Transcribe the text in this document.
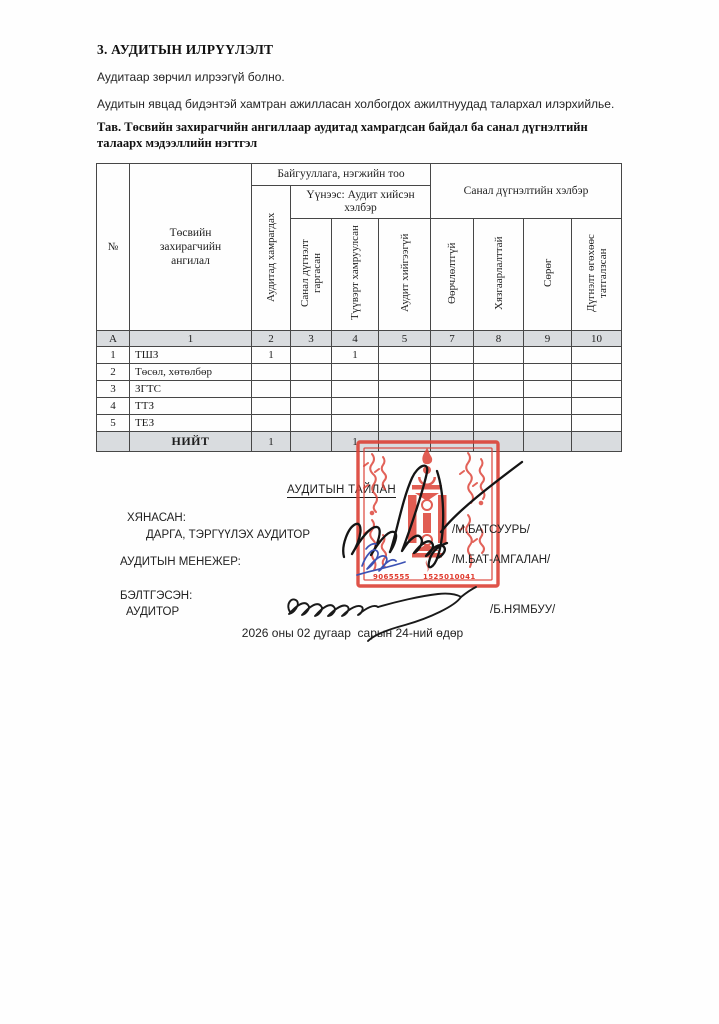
3. АУДИТЫН ИЛРҮҮЛЭЛТ
Аудитаар зөрчил илрээгүй болно.
Аудитын явцад бидэнтэй хамтран ажилласан холбогдох ажилтнуудад талархал илэрхийлье.
Тав. Төсвийн захирагчийн ангиллаар аудитад хамрагдсан байдал ба санал дүгнэлтийн талаарх мэдээллийн нэгтгэл
№	Төсвийн захирагчийн ангилал	Байгууллага, нэгжийн тоо				Санал дүгнэлтийн хэлбэр			
		Аудитад хамрагдах	Үүнээс: Аудит хийсэн хэлбэр						
			Санал дүгнэлт гаргасан	Түүвэрт хамруулсан	Аудит хийгээгүй	Өөрчлөлтгүй	Хязгаарлалттай	Сөрөг	Дүгнэлт өгөхөөс татгалзсан
А	1	2	3	4	5	7	8	9	10
1	ТШЗ	1		1					
2	Төсөл, хөтөлбөр								
3	ЗГТС								
4	ТТЗ								
5	ТЕЗ								
	НИЙТ	1		1					
АУДИТЫН ТАЙЛАН
ХЯНАСАН:
ДАРГА, ТЭРГҮҮЛЭХ АУДИТОР	/М.БАТСУУРЬ/
АУДИТЫН МЕНЕЖЕР:	/М.БАТ-АМГАЛАН/
БЭЛТГЭСЭН:
АУДИТОР	/Б.НЯМБУУ/
2026 оны 02 дугаар  сарын 24-ний өдөр
9065555 1525010041
